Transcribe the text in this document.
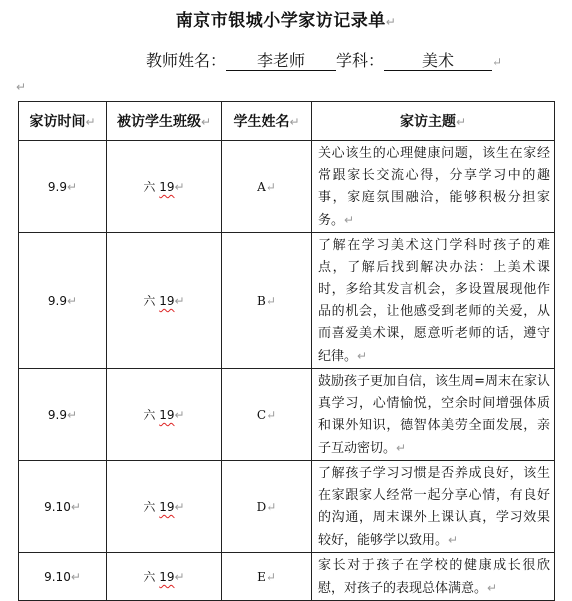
南京市银城小学家访记录单↵
教师姓名： 李老师 学科： 美术	↵
↵
家访时间↵	被访学生班级↵	学生姓名↵	家访主题↵
9.9↵	六 19↵	A↵	关心该生的心理健康问题，该生在家经常跟家长交流心得，分享学习中的趣事，家庭氛围融洽，能够积极分担家务。↵
9.9↵	六 19↵	B↵	了解在学习美术这门学科时孩子的难点，了解后找到解决办法：上美术课时，多给其发言机会，多设置展现他作品的机会，让他感受到老师的关爱，从而喜爱美术课，愿意听老师的话，遵守纪律。↵
9.9↵	六 19↵	C↵	鼓励孩子更加自信，该生周=周末在家认真学习，心情愉悦，空余时间增强体质和课外知识，德智体美劳全面发展，亲子互动密切。↵
9.10↵	六 19↵	D↵	了解孩子学习习惯是否养成良好，该生在家跟家人经常一起分享心情，有良好的沟通，周末课外上课认真，学习效果较好，能够学以致用。↵
9.10↵	六 19↵	E↵	家长对于孩子在学校的健康成长很欣慰，对孩子的表现总体满意。↵
